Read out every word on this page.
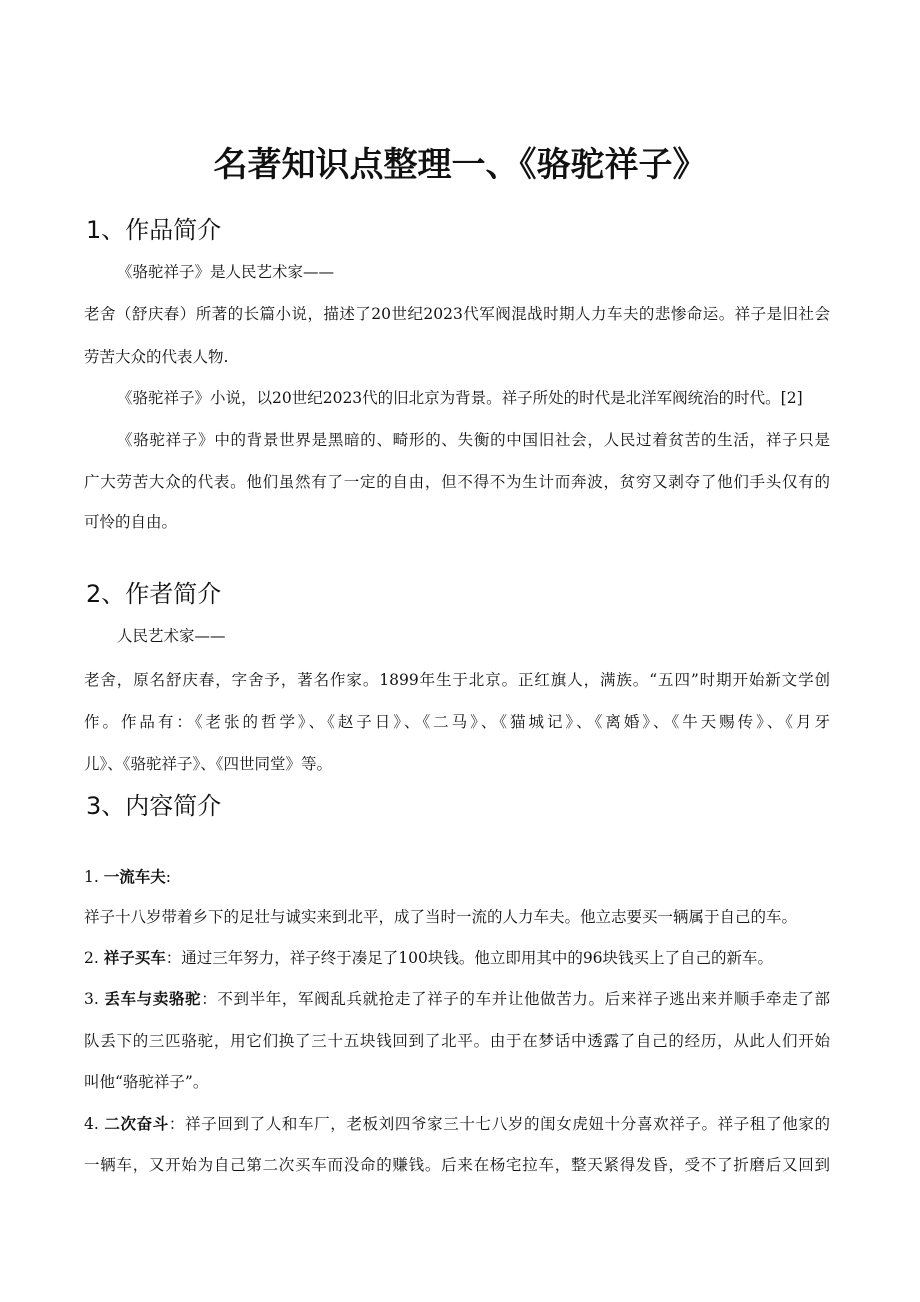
名著知识点整理一、《骆驼祥子》
1、作品简介
《骆驼祥子》是人民艺术家——
老舍（舒庆春）所著的长篇小说，描述了20世纪2023代军阀混战时期人力车夫的悲惨命运。祥子是旧社会
劳苦大众的代表人物.
《骆驼祥子》小说，以20世纪2023代的旧北京为背景。祥子所处的时代是北洋军阀统治的时代。[2]
《骆驼祥子》中的背景世界是黑暗的、畸形的、失衡的中国旧社会，人民过着贫苦的生活，祥子只是
广大劳苦大众的代表。他们虽然有了一定的自由，但不得不为生计而奔波，贫穷又剥夺了他们手头仅有的
可怜的自由。
2、作者简介
人民艺术家——
老舍，原名舒庆春，字舍予，著名作家。1899年生于北京。正红旗人，满族。“五四”时期开始新文学创
作。作品有：《老张的哲学》、《赵子日》、《二马》、《猫城记》、《离婚》、《牛天赐传》、《月牙
儿》、《骆驼祥子》、《四世同堂》等。
3、内容简介
1. 一流车夫:
祥子十八岁带着乡下的足壮与诚实来到北平，成了当时一流的人力车夫。他立志要买一辆属于自己的车。
2. 祥子买车：通过三年努力，祥子终于凑足了100块钱。他立即用其中的96块钱买上了自己的新车。
3. 丢车与卖骆驼：不到半年，军阀乱兵就抢走了祥子的车并让他做苦力。后来祥子逃出来并顺手牵走了部
队丢下的三匹骆驼，用它们换了三十五块钱回到了北平。由于在梦话中透露了自己的经历，从此人们开始
叫他“骆驼祥子”。
4. 二次奋斗：祥子回到了人和车厂，老板刘四爷家三十七八岁的闺女虎妞十分喜欢祥子。祥子租了他家的
一辆车，又开始为自己第二次买车而没命的赚钱。后来在杨宅拉车，整天紧得发昏，受不了折磨后又回到
